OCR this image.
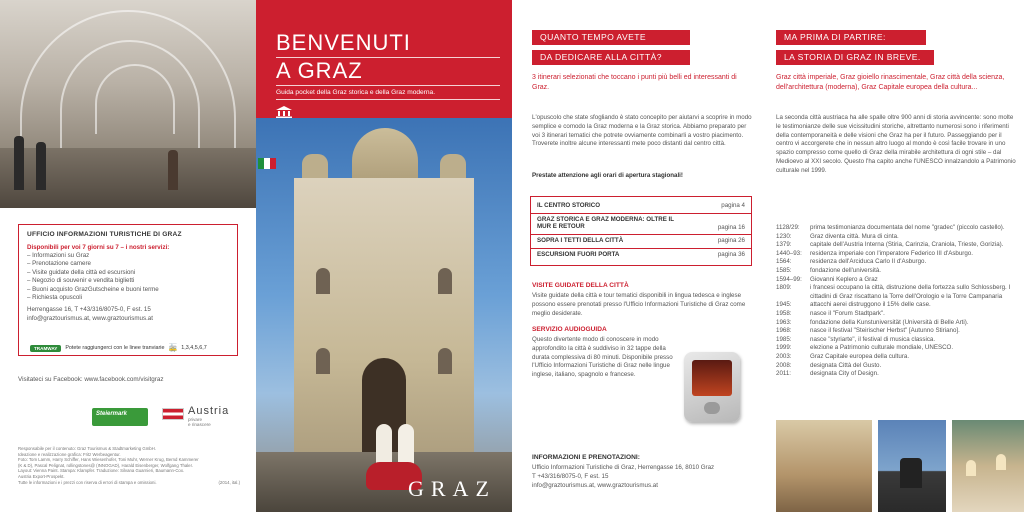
UFFICIO INFORMAZIONI TURISTICHE DI GRAZ
Disponibili per voi 7 giorni su 7 – i nostri servizi:
– Informazioni su Graz
– Prenotazione camere
– Visite guidate della città ed escursioni
– Negozio di souvenir e vendita biglietti
– Buoni acquisto GrazGutscheine e buoni terme
– Richiesta opuscoli
Herrengasse 16, T +43/316/8075-0, F est. 15
info@graztourismus.at, www.graztourismus.at
TRAMWAY	Potete raggiungerci con le linee tranviarie 🚋 1,3,4,5,6,7
Visitateci su Facebook: www.facebook.com/visitgraz
Steiermark	♥	Austria
privare
e rinascere
Responsabile per il contenuto: Graz Tourismus & Stadtmarketing GmbH.
Ideazione e realizzazione grafica: Fritz Werbeagentur.
Foto: Tom Lamm, Harry Schiffer, Hans Wiesenhofer, Toni Muhr, Werner Krug, Bernd Kammerer
(K & D), Pascal Pelignat, rollingstones@ (INNOGAD), Harald Eisenberger, Wolfgang Thaler.
Layout: Vienna Paint. Stampa: Klampfer. Traduzione: Silvana Guarnieri, Baumann-Cox.
Austria Export-Prospekt.
Tutte le informazioni e i prezzi con riserva di errori di stampa e omissioni.	(2014, ital.)
BENVENUTI
A GRAZ
Guida pocket della Graz storica e della Graz moderna.
GRAZ
QUANTO TEMPO AVETE
DA DEDICARE ALLA CITTÀ?
3 itinerari selezionati che toccano i punti più belli ed interessanti di Graz.
L'opuscolo che state sfogliando è stato concepito per aiutarvi a scoprire in modo semplice e comodo la Graz moderna e la Graz storica. Abbiamo preparato per voi 3 itinerari tematici che potrete ovviamente combinarli a vostro piacimento. Troverete inoltre alcune interessanti mete poco distanti dal centro città.
Prestate attenzione agli orari di apertura stagionali!
IL CENTRO STORICO	pagina 4
GRAZ STORICA E GRAZ MODERNA: OLTRE IL MUR E RETOUR	pagina 16
SOPRA I TETTI DELLA CITTÀ	pagina 26
ESCURSIONI FUORI PORTA	pagina 36
VISITE GUIDATE DELLA CITTÀ
Visite guidate della città e tour tematici disponibili in lingua tedesca e inglese possono essere prenotati presso l'Ufficio Informazioni Turistiche di Graz come meglio desiderate.
SERVIZIO AUDIOGUIDA
Questo divertente modo di conoscere in modo approfondito la città è suddiviso in 32 tappe della durata complessiva di 80 minuti. Disponibile presso l'Ufficio Informazioni Turistiche di Graz nelle lingue inglese, italiano, spagnolo e francese.
INFORMAZIONI E PRENOTAZIONI:
Ufficio Informazioni Turistiche di Graz, Herrengasse 16, 8010 Graz
T +43/316/8075-0, F est. 15
info@graztourismus.at, www.graztourismus.at
MA PRIMA DI PARTIRE:
LA STORIA DI GRAZ IN BREVE.
Graz città imperiale, Graz gioiello rinascimentale, Graz città della scienza, dell'architettura (moderna), Graz Capitale europea della cultura...
La seconda città austriaca ha alle spalle oltre 900 anni di storia avvincente: sono molte le testimonianze delle sue vicissitudini storiche, altrettanto numerosi sono i riferimenti della contemporaneità e delle visioni che Graz ha per il futuro. Passeggiando per il centro vi accorgerete che in nessun altro luogo al mondo è così facile trovare in uno spazio compresso come quello di Graz della mirabile architettura di ogni stile – dal Medioevo al XXI secolo. Questo l'ha capito anche l'UNESCO innalzandolo a Patrimonio culturale nel 1999.
1128/29:	prima testimonianza documentata del nome "gradec" (piccolo castello).
1230:	Graz diventa città. Mura di cinta.
1379:	capitale dell'Austria Interna (Stiria, Carinzia, Craniola, Trieste, Gorizia).
1440–93:	residenza imperiale con l'imperatore Federico III d'Asburgo.
1564:	residenza dell'Arciduca Carlo II d'Asburgo.
1585:	fondazione dell'università.
1594–99:	Giovanni Keplero a Graz
1809:	i francesi occupano la città, distruzione della fortezza sullo Schlossberg. I cittadini di Graz riscattano la Torre dell'Orologio e la Torre Campanaria
1945:	attacchi aerei distruggono il 15% delle case.
1958:	nasce il "Forum Stadtpark".
1963:	fondazione della Kunstuniversität (Università di Belle Arti).
1968:	nasce il festival "Steirischer Herbst" [Autunno Stiriano].
1985:	nasce "styriarte", il festival di musica classica.
1999:	elezione a Patrimonio culturale mondiale, UNESCO.
2003:	Graz Capitale europea della cultura.
2008:	designata Città del Gusto.
2011:	designata City of Design.
